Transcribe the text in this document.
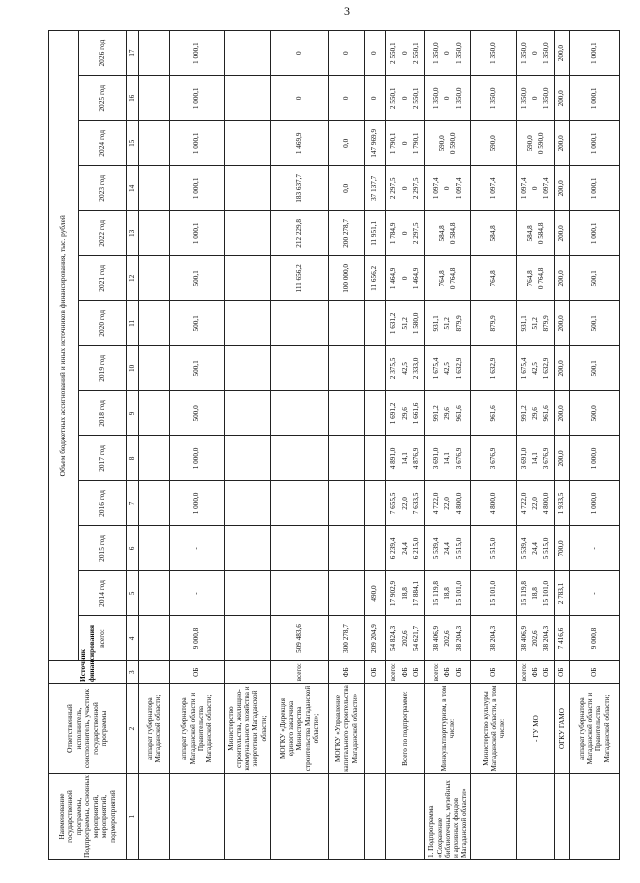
3
Наименование государственной программы, Подпрограммы, основных мероприятий, мероприятий, подмероприятий	Ответственный исполнитель, соисполнитель, участник государственной программы	Источник финансирования	Объем бюджетных ассигнований и иных источников финансирования, тыс. рублей													
			всего:	2014 год	2015 год	2016 год	2017 год	2018 год	2019 год	2020 год	2021 год	2022 год	2023 год	2024 год	2025 год	2026 год
1	2	3	4	5	6	7	8	9	10	11	12	13	14	15	16	17
	аппарат губернатора Магаданской области;															
	аппарат губернатора Магаданской области и Правительства Магаданской области;	ОБ	9 000,8	-	-	1 000,0	1 000,0	500,0	500,1	500,1	500,1	1 000,1	1 000,1	1 000,1	1 000,1	1 000,1
	Министерство строительства, жилищно-коммунального хозяйства и энергетики Магаданской области;															
	МОГКУ «Дирекция единого заказчика Министерства строительства Магаданской области»;	всего:	509 483,6								111 656,2	212 229,8	183 637,7	1 469,9	0	0
	МОГКУ «Управление капитального строительства Магаданской области»	ФБ	300 278,7								100 000,0	200 278,7	0,0	0,0	0	0
		ОБ	209 204,9	490,0							11 656,2	11 951,1	37 137,7	147 969,9	0	0
	Всего по подпрограмме:	всего: ФБ ОБ	54 824,3 202,6 54 621,7	17 902,9 18,8 17 884,1	6 239,4 24,4 6 215,0	7 655,5 22,0 7 633,5	4 891,0 14,1 4 876,9	1 691,2 29,6 1 661,6	2 375,5 42,5 2 333,0	1 631,2 51,2 1 580,0	1 464,9 0 1 464,9	1 784,9 0 2 297,5	2 297,5 0 2 297,5	1 790,1 0 1 790,1	2 550,1 0 2 550,1	2 550,1 0 2 550,1
1. Подпрограмма «Сохранение библиотечных, музейных и архивных фондов Магаданской области»	Минкультпорттуризм, в том числе:	всего: ФБ ОБ	38 406,9 202,6 38 204,3	15 119,8 18,8 15 101,0	5 539,4 24,4 5 515,0	4 722,0 22,0 4 800,0	3 691,0 14,1 3 676,9	991,2 29,6 961,6	1 675,4 42,5 1 632,9	931,1 51,2 879,9	764,8 0 764,8	584,8 0 584,8	1 097,4 0 1 097,4	590,0 0 590,0	1 350,0 0 1 350,0	1 350,0 0 1 350,0
	Министерство культуры Магаданской области, в том числе:	ОБ	38 204,3	15 101,0	5 515,0	4 800,0	3 676,9	961,6	1 632,9	879,9	764,8	584,8	1 097,4	590,0	1 350,0	1 350,0
	- ГУ МО	всего: ФБ ОБ	38 406,9 202,6 38 204,3	15 119,8 18,8 15 101,0	5 539,4 24,4 5 515,0	4 722,0 22,0 4 800,0	3 691,0 14,1 3 676,9	991,2 29,6 961,6	1 675,4 42,5 1 632,9	931,1 51,2 879,9	764,8 0 764,8	584,8 0 584,8	1 097,4 0 1 097,4	590,0 0 590,0	1 350,0 0 1 350,0	1 350,0 0 1 350,0
	ОГКУ ГАМО	ОБ	7 416,6	2 783,1	700,0	1 933,5	200,0	200,0	200,0	200,0	200,0	200,0	200,0	200,0	200,0	200,0
	аппарат губернатора Магаданской области и Правительства Магаданской области;	ОБ	9 000,8	-	-	1 000,0	1 000,0	500,0	500,1	500,1	500,1	1 000,1	1 000,1	1 000,1	1 000,1	1 000,1
